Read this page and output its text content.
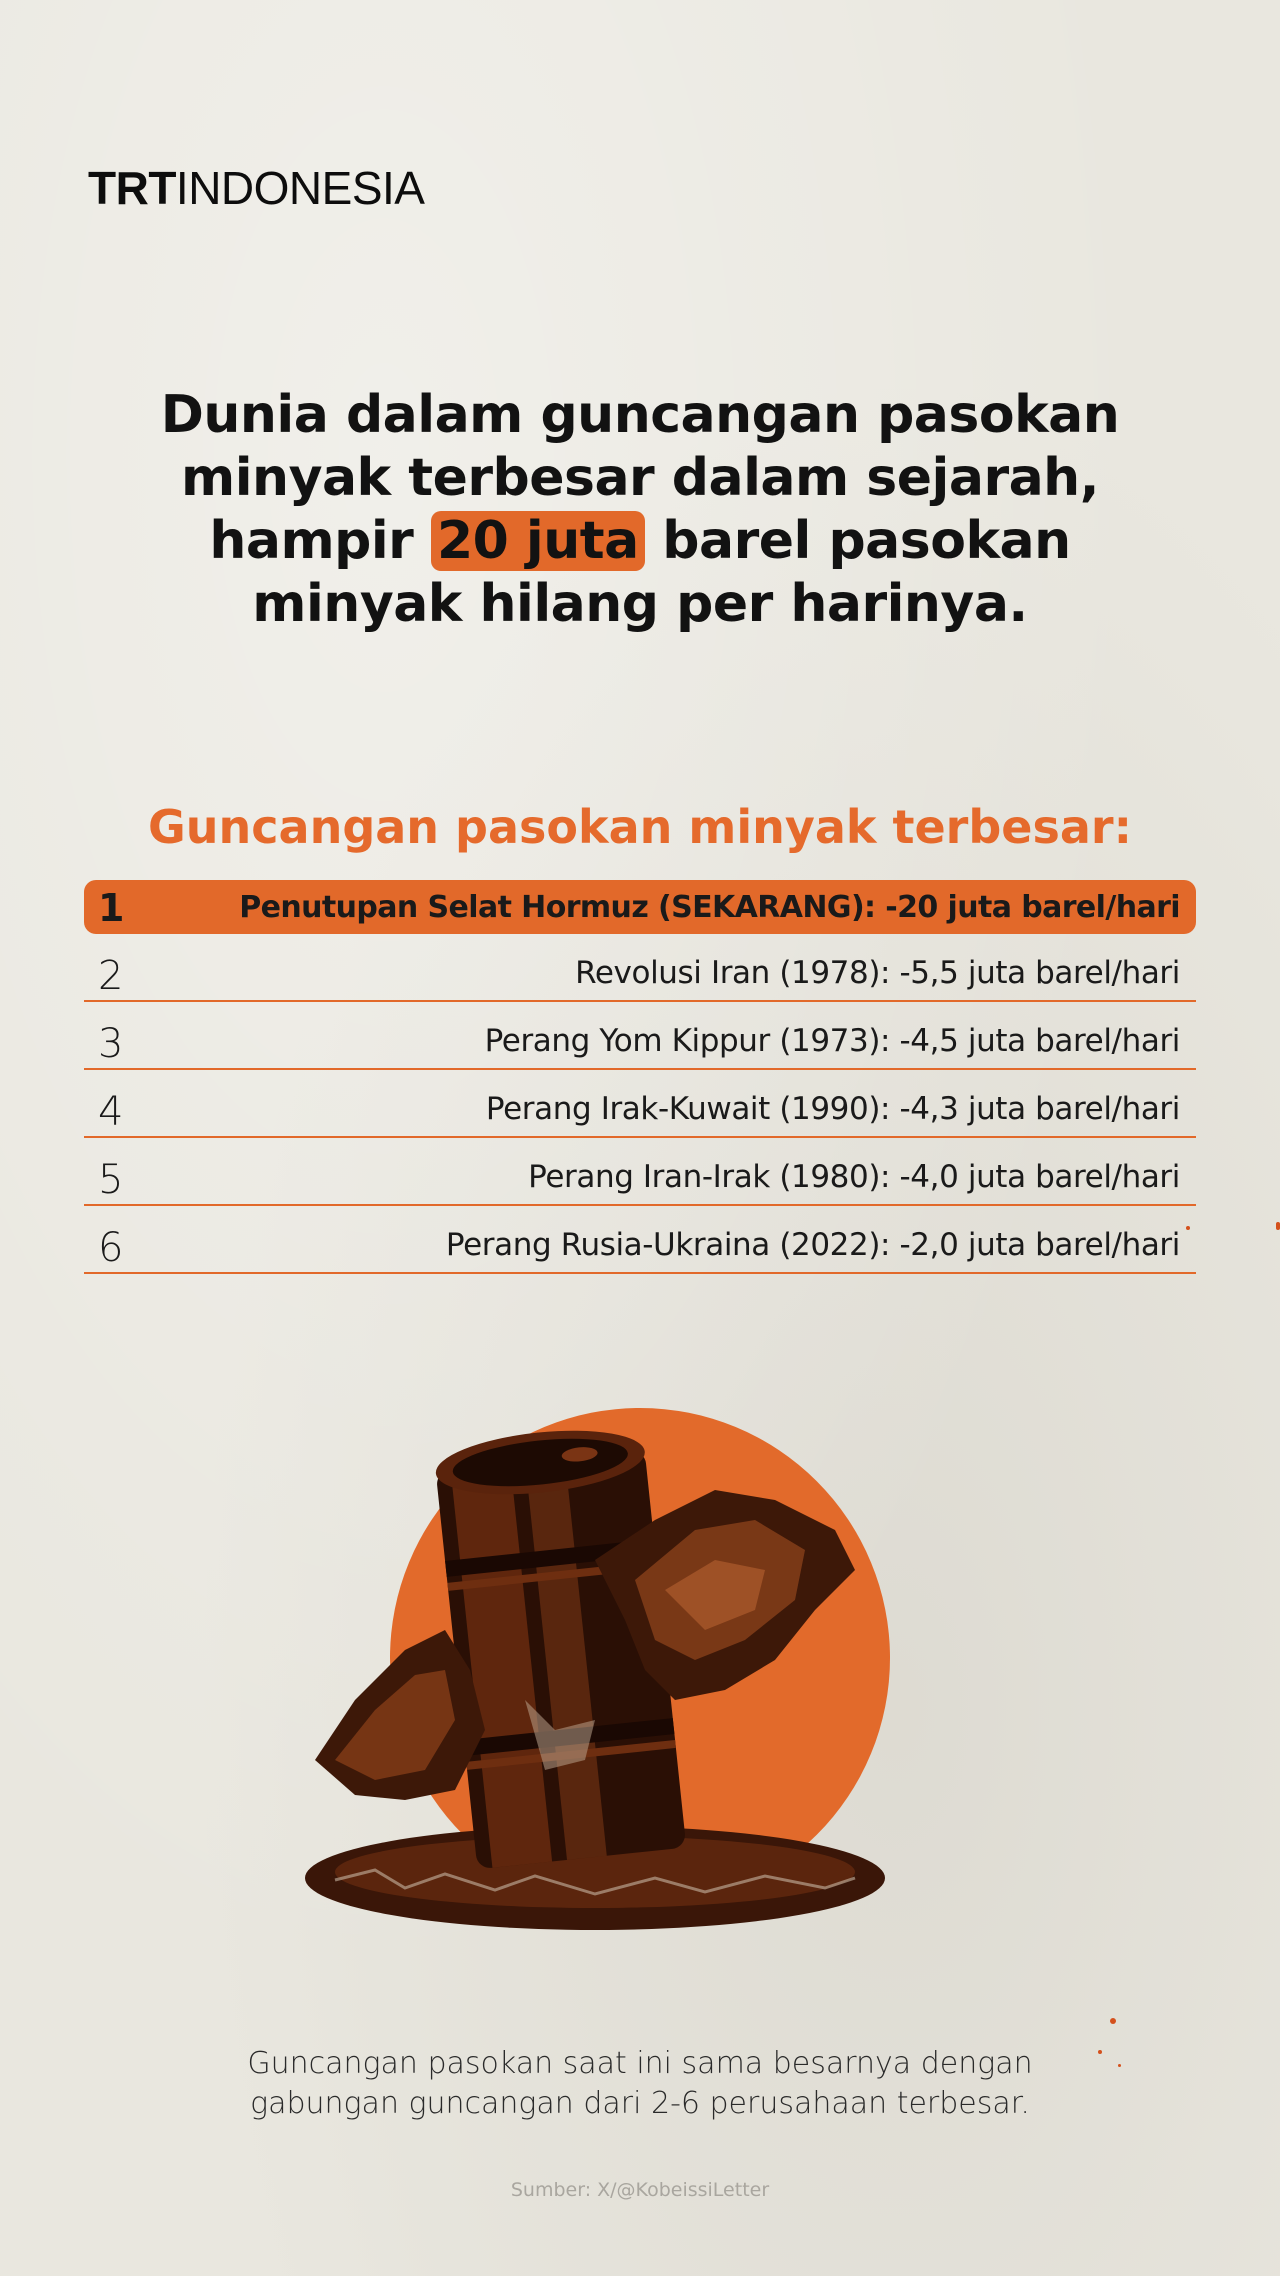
TRTINDONESIA
Dunia dalam guncangan pasokan
minyak terbesar dalam sejarah,
hampir 20 juta barel pasokan
minyak hilang per harinya.
Guncangan pasokan minyak terbesar:
1	Penutupan Selat Hormuz (SEKARANG): -20 juta barel/hari
2	Revolusi Iran (1978): -5,5 juta barel/hari
3	Perang Yom Kippur (1973): -4,5 juta barel/hari
4	Perang Irak-Kuwait (1990): -4,3 juta barel/hari
5	Perang Iran-Irak (1980): -4,0 juta barel/hari
6	Perang Rusia-Ukraina (2022): -2,0 juta barel/hari

Guncangan pasokan saat ini sama besarnya dengan
gabungan guncangan dari 2-6 perusahaan terbesar.

Sumber: X/@KobeissiLetter
